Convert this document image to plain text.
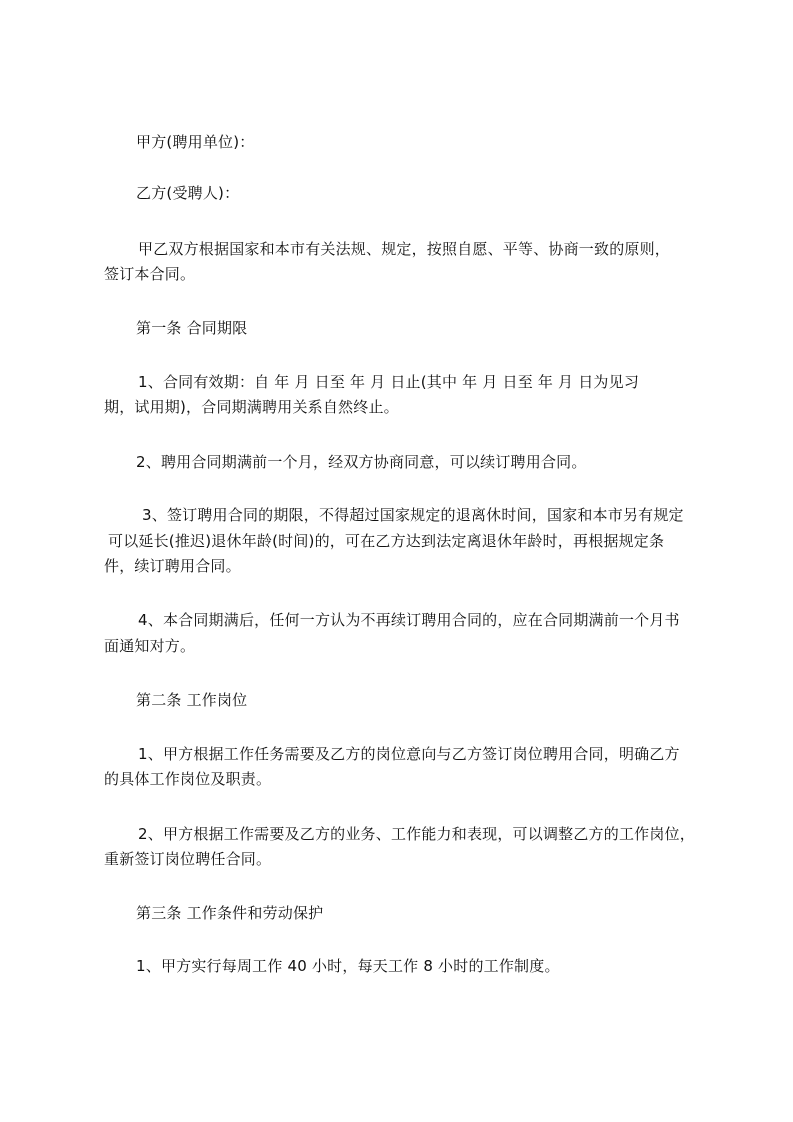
甲方(聘用单位)：
乙方(受聘人)：
甲乙双方根据国家和本市有关法规、规定，按照自愿、平等、协商一致的原则，
签订本合同。
第一条 合同期限
1、合同有效期：自 年 月 日至 年 月 日止(其中 年 月 日至 年 月 日为见习
期，试用期)，合同期满聘用关系自然终止。
2、聘用合同期满前一个月，经双方协商同意，可以续订聘用合同。
3、签订聘用合同的期限，不得超过国家规定的退离休时间，国家和本市另有规定
可以延长(推迟)退休年龄(时间)的，可在乙方达到法定离退休年龄时，再根据规定条
件，续订聘用合同。
4、本合同期满后，任何一方认为不再续订聘用合同的，应在合同期满前一个月书
面通知对方。
第二条 工作岗位
1、甲方根据工作任务需要及乙方的岗位意向与乙方签订岗位聘用合同，明确乙方
的具体工作岗位及职责。
2、甲方根据工作需要及乙方的业务、工作能力和表现，可以调整乙方的工作岗位，
重新签订岗位聘任合同。
第三条 工作条件和劳动保护
1、甲方实行每周工作 40 小时，每天工作 8 小时的工作制度。
